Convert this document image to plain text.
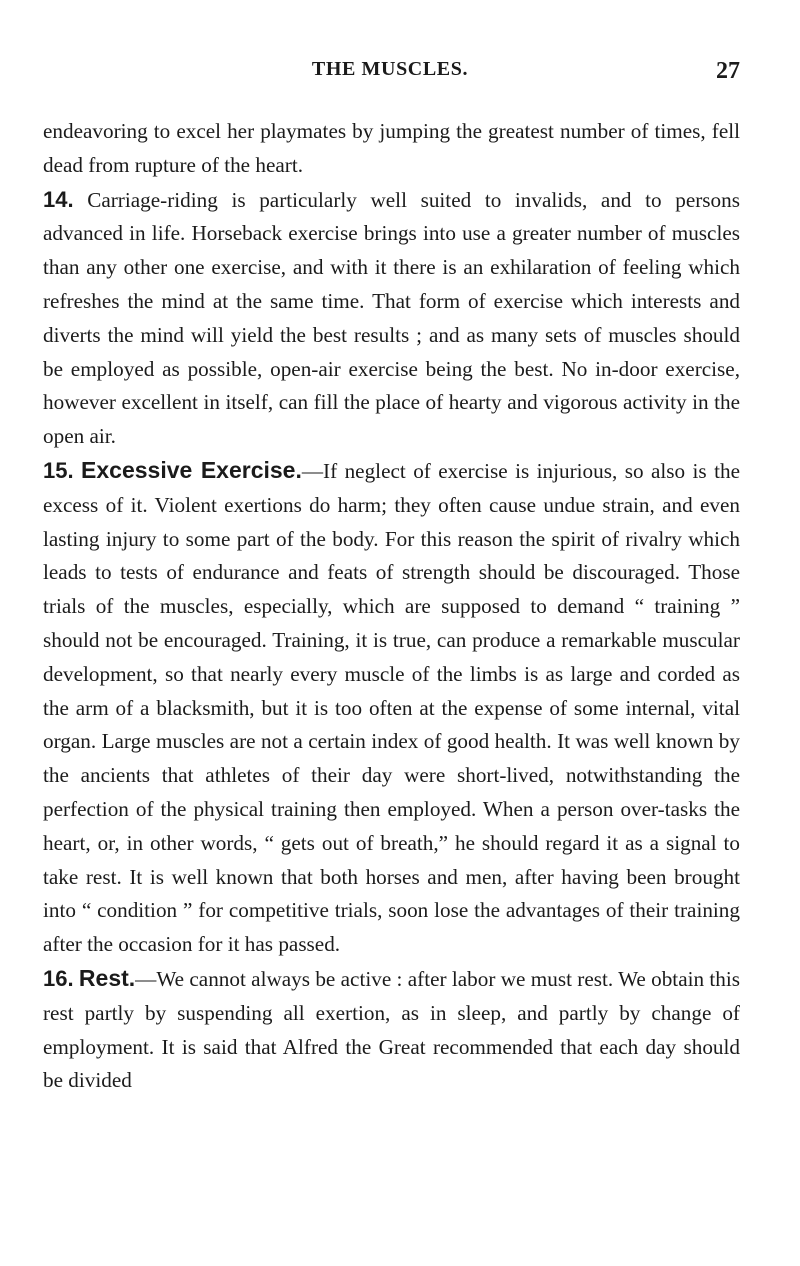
THE MUSCLES.	27

endeavoring to excel her playmates by jumping the greatest number of times, fell dead from rupture of the heart.

14. Carriage-riding is particularly well suited to invalids, and to persons advanced in life. Horseback exercise brings into use a greater number of muscles than any other one exercise, and with it there is an exhilaration of feeling which refreshes the mind at the same time. That form of exercise which interests and diverts the mind will yield the best results ; and as many sets of muscles should be employed as possible, open-air exercise being the best. No in-door exercise, however excellent in itself, can fill the place of hearty and vigorous activity in the open air.

15. Excessive Exercise.—If neglect of exercise is injurious, so also is the excess of it. Violent exertions do harm; they often cause undue strain, and even lasting injury to some part of the body. For this reason the spirit of rivalry which leads to tests of endurance and feats of strength should be discouraged. Those trials of the muscles, especially, which are supposed to demand “ training ” should not be encouraged. Training, it is true, can produce a remarkable muscular development, so that nearly every muscle of the limbs is as large and corded as the arm of a blacksmith, but it is too often at the expense of some internal, vital organ. Large muscles are not a certain index of good health. It was well known by the ancients that athletes of their day were short-lived, notwithstanding the perfection of the physical training then employed. When a person over-tasks the heart, or, in other words, “ gets out of breath,” he should regard it as a signal to take rest. It is well known that both horses and men, after having been brought into “ condition ” for competitive trials, soon lose the advantages of their training after the occasion for it has passed.

16. Rest.—We cannot always be active : after labor we must rest. We obtain this rest partly by suspending all exertion, as in sleep, and partly by change of employment. It is said that Alfred the Great recommended that each day should be divided
